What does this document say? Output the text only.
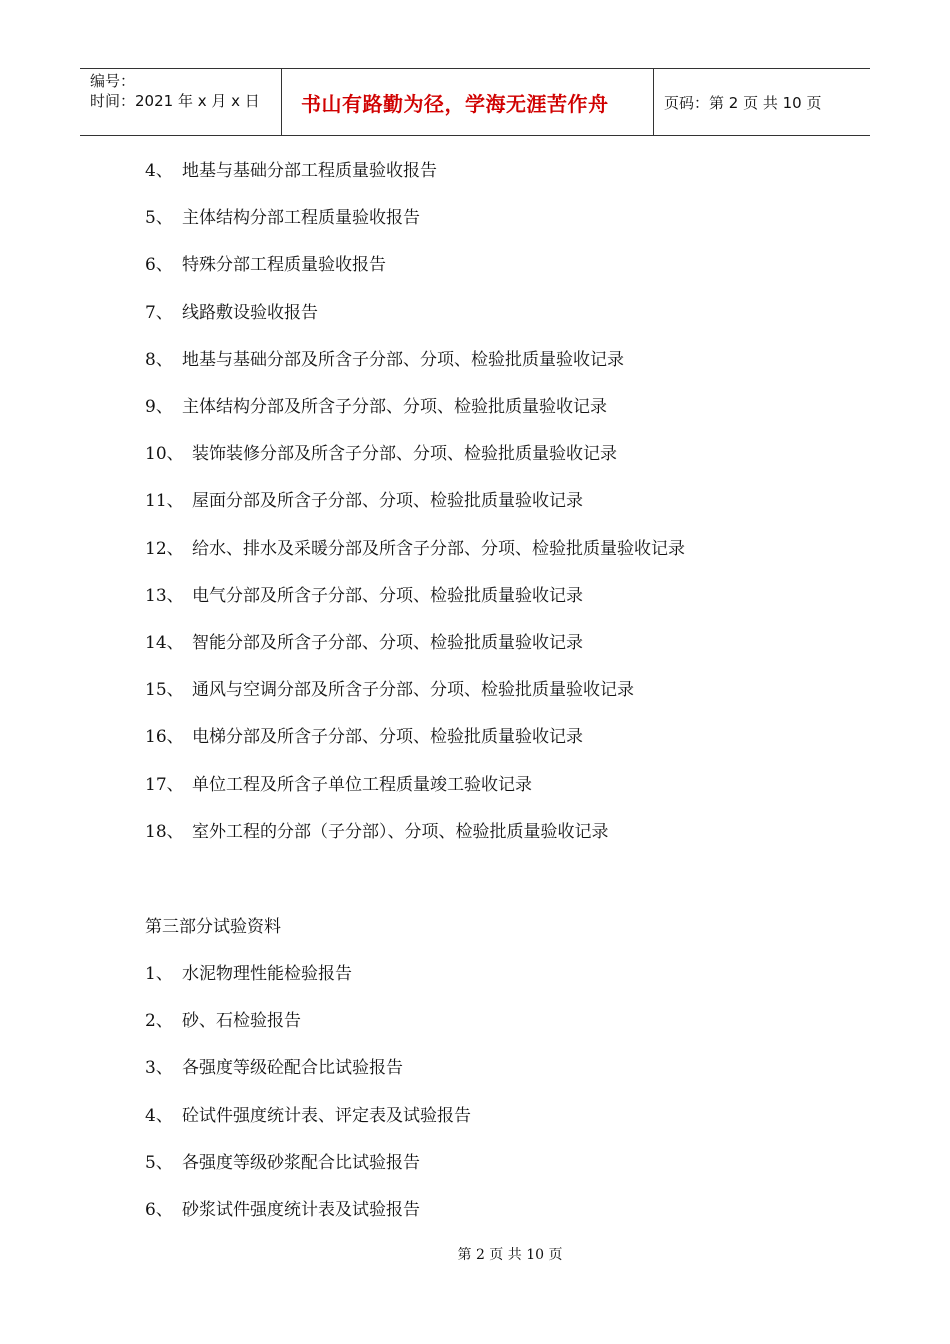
编号：
时间：2021 年 x 月 x 日	书山有路勤为径，学海无涯苦作舟	页码：第 2 页 共 10 页
4、 地基与基础分部工程质量验收报告
5、 主体结构分部工程质量验收报告
6、 特殊分部工程质量验收报告
7、 线路敷设验收报告
8、 地基与基础分部及所含子分部、分项、检验批质量验收记录
9、 主体结构分部及所含子分部、分项、检验批质量验收记录
10、 装饰装修分部及所含子分部、分项、检验批质量验收记录
11、 屋面分部及所含子分部、分项、检验批质量验收记录
12、 给水、排水及采暖分部及所含子分部、分项、检验批质量验收记录
13、 电气分部及所含子分部、分项、检验批质量验收记录
14、 智能分部及所含子分部、分项、检验批质量验收记录
15、 通风与空调分部及所含子分部、分项、检验批质量验收记录
16、 电梯分部及所含子分部、分项、检验批质量验收记录
17、 单位工程及所含子单位工程质量竣工验收记录
18、 室外工程的分部（子分部）、分项、检验批质量验收记录
第三部分试验资料
1、 水泥物理性能检验报告
2、 砂、石检验报告
3、 各强度等级砼配合比试验报告
4、 砼试件强度统计表、评定表及试验报告
5、 各强度等级砂浆配合比试验报告
6、 砂浆试件强度统计表及试验报告
第 2 页 共 10 页
